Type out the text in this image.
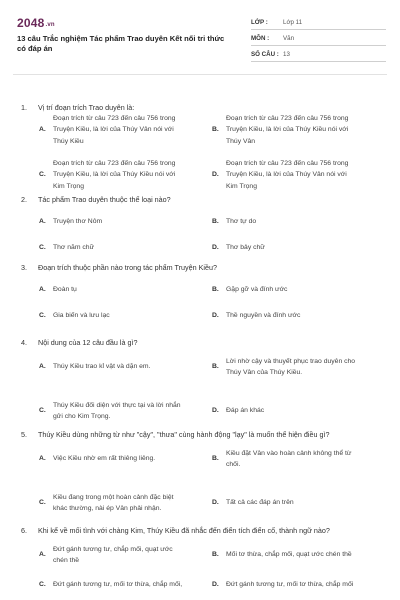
2048.vn
13 câu Trắc nghiệm Tác phẩm Trao duyên Kết nối tri thức có đáp án
LỚP :	Lớp 11
MÔN :	Văn
SỐ CÂU : 13
1. Vị trí đoạn trích Trao duyên là:
A.
Đoạn trích từ câu 723 đến câu 756 trong
Truyện Kiều, là lời của Thúy Vân nói với
Thúy Kiều
B.
Đoạn trích từ câu 723 đến câu 756 trong
Truyện Kiều, là lời của Thúy Kiều nói với
Thúy Vân
C.
Đoạn trích từ câu 723 đến câu 756 trong
Truyện Kiều, là lời của Thúy Kiều nói với
Kim Trọng
D.
Đoạn trích từ câu 723 đến câu 756 trong
Truyện Kiều, là lời của Thúy Vân nói với
Kim Trọng
2. Tác phẩm Trao duyên thuộc thể loại nào?
A. Truyện thơ Nôm	B. Thơ tự do
C. Thơ năm chữ	D. Thơ bảy chữ
3. Đoạn trích thuộc phần nào trong tác phẩm Truyện Kiều?
A. Đoàn tụ	B. Gặp gỡ và đính ước
C. Gia biến và lưu lạc	D. Thề nguyền và đính ước
4. Nội dung của 12 câu đầu là gì?
A. Thúy Kiều trao kỉ vật và dặn em.	B.
Lời nhờ cậy và thuyết phục trao duyên cho
Thúy Vân của Thúy Kiều.
C.
Thúy Kiều đối diện với thực tại và lời nhắn
gửi cho Kim Trọng.
D. Đáp án khác
5. Thúy Kiều dùng những từ như "cậy", "thưa" cùng hành động "lạy" là muốn thể hiện điều gì?
A. Việc Kiều nhờ em rất thiêng liêng.	B.
Kiều đặt Vân vào hoàn cảnh không thể từ
chối.
C.
Kiều đang trong một hoàn cảnh đặc biệt
khác thường, nài ép Vân phải nhận.
D. Tất cả các đáp án trên
6. Khi kể về mối tình với chàng Kim, Thúy Kiều đã nhắc đến điển tích điển cố, thành ngữ nào?
A.
Đứt gánh tương tư, chắp mối, quạt ước
chén thề
B. Mối tơ thừa, chắp mối, quạt ước chén thề
C. Đứt gánh tương tư, mối tơ thừa, chắp mối,	D. Đứt gánh tương tư, mối tơ thừa, chắp mối
